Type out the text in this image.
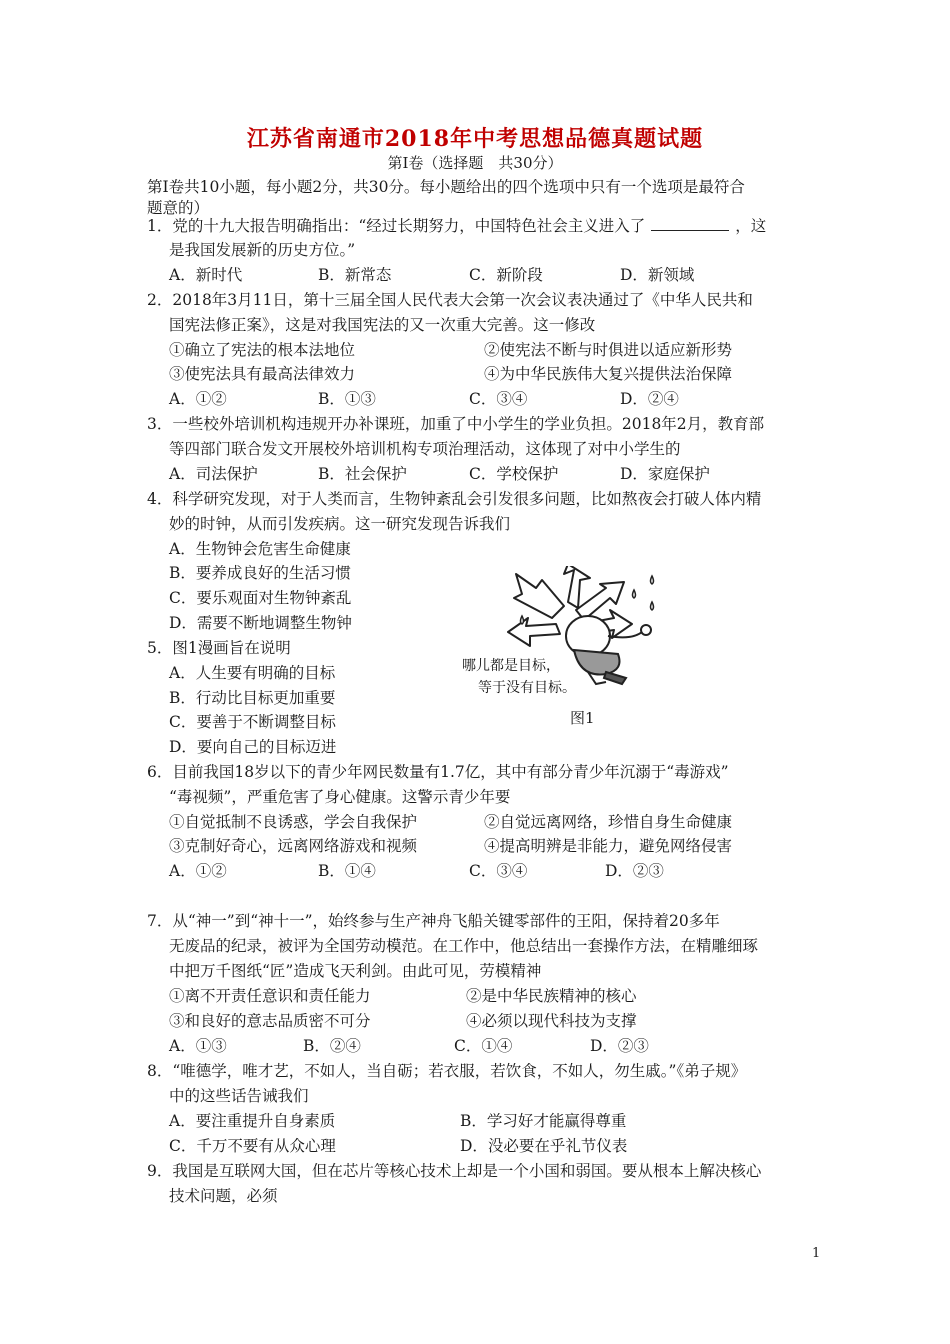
江苏省南通市2018年中考思想品德真题试题
第Ⅰ卷（选择题　共30分）
第Ⅰ卷共10小题，每小题2分，共30分。每小题给出的四个选项中只有一个选项是最符合
题意的）
1．党的十九大报告明确指出：“经过长期努力，中国特色社会主义进入了	，这
是我国发展新的历史方位。”
A．新时代	B．新常态	C．新阶段	D．新领域
2．2018年3月11日，第十三届全国人民代表大会第一次会议表决通过了《中华人民共和
国宪法修正案》，这是对我国宪法的又一次重大完善。这一修改
①确立了宪法的根本法地位	②使宪法不断与时俱进以适应新形势
③使宪法具有最高法律效力	④为中华民族伟大复兴提供法治保障
A．①②	B．①③	C．③④	D．②④
3．一些校外培训机构违规开办补课班，加重了中小学生的学业负担。2018年2月，教育部
等四部门联合发文开展校外培训机构专项治理活动，这体现了对中小学生的
A．司法保护	B．社会保护	C．学校保护	D．家庭保护
4．科学研究发现，对于人类而言，生物钟紊乱会引发很多问题，比如熬夜会打破人体内精
妙的时钟，从而引发疾病。这一研究发现告诉我们
A．生物钟会危害生命健康
B．要养成良好的生活习惯
C．要乐观面对生物钟紊乱
D．需要不断地调整生物钟
5．图1漫画旨在说明
A．人生要有明确的目标
B．行动比目标更加重要
C．要善于不断调整目标
D．要向自己的目标迈进
哪儿都是目标，
等于没有目标。
图1
6．目前我国18岁以下的青少年网民数量有1.7亿，其中有部分青少年沉溺于“毒游戏”
“毒视频”，严重危害了身心健康。这警示青少年要
①自觉抵制不良诱惑，学会自我保护	②自觉远离网络，珍惜自身生命健康
③克制好奇心，远离网络游戏和视频	④提高明辨是非能力，避免网络侵害
A．①②	B．①④	C．③④	D．②③
7．从“神一”到“神十一”，始终参与生产神舟飞船关键零部件的王阳，保持着20多年
无废品的纪录，被评为全国劳动模范。在工作中，他总结出一套操作方法，在精雕细琢
中把万千图纸“匠”造成飞天利剑。由此可见，劳模精神
①离不开责任意识和责任能力	②是中华民族精神的核心
③和良好的意志品质密不可分	④必须以现代科技为支撑
A．①③	B．②④	C．①④	D．②③
8．“唯德学，唯才艺，不如人，当自砺；若衣服，若饮食，不如人，勿生戚。”《弟子规》
中的这些话告诫我们
A．要注重提升自身素质	B．学习好才能赢得尊重
C．千万不要有从众心理	D．没必要在乎礼节仪表
9．我国是互联网大国，但在芯片等核心技术上却是一个小国和弱国。要从根本上解决核心
技术问题，必须
1
